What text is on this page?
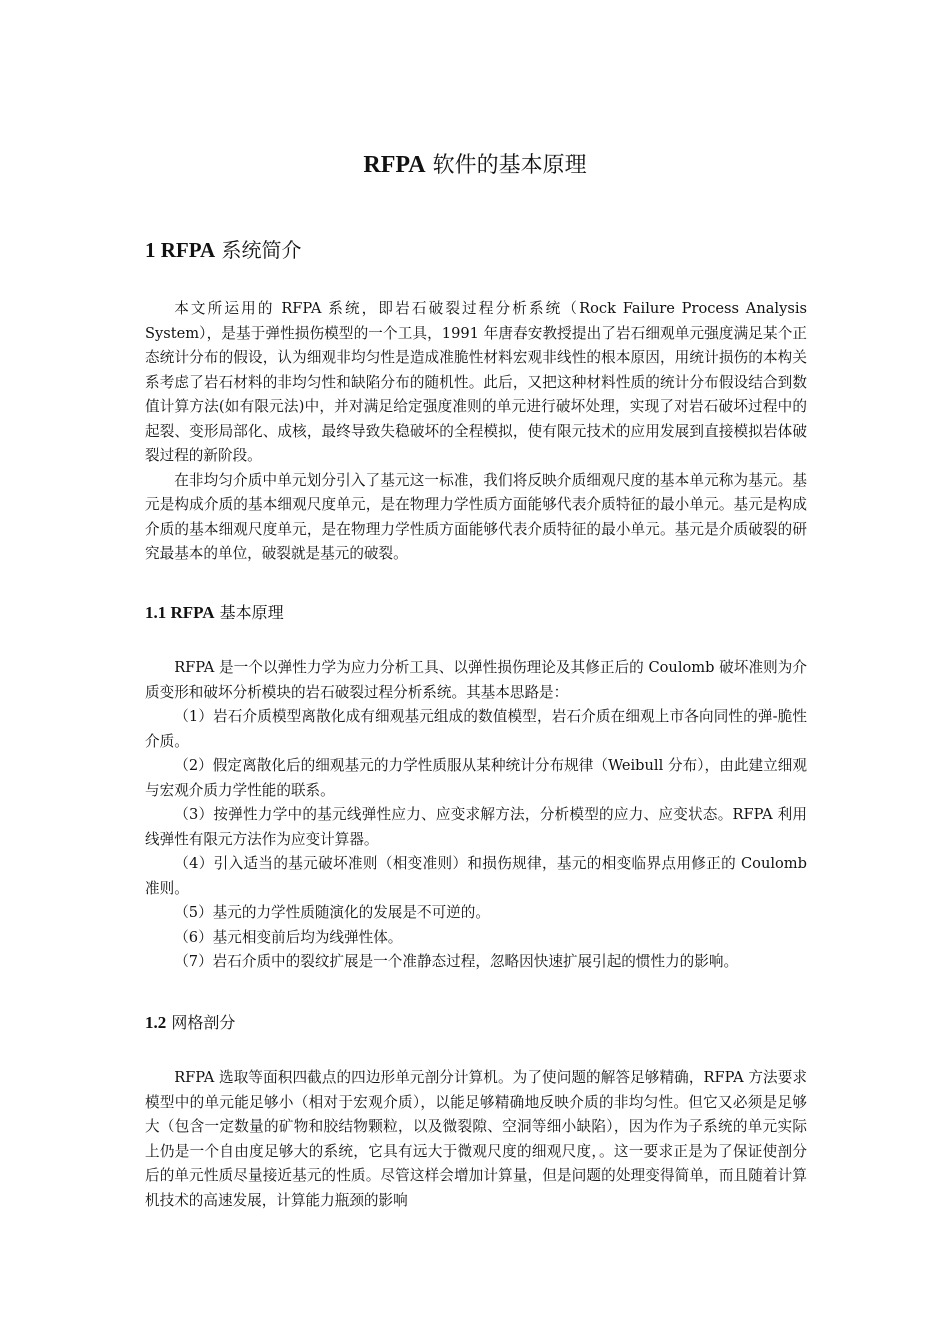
RFPA 软件的基本原理
1 RFPA 系统简介

本文所运用的 RFPA 系统，即岩石破裂过程分析系统（Rock Failure Process Analysis System），是基于弹性损伤模型的一个工具，1991 年唐春安教授提出了岩石细观单元强度满足某个正态统计分布的假设，认为细观非均匀性是造成准脆性材料宏观非线性的根本原因，用统计损伤的本构关系考虑了岩石材料的非均匀性和缺陷分布的随机性。此后，又把这种材料性质的统计分布假设结合到数值计算方法(如有限元法)中，并对满足给定强度准则的单元进行破坏处理，实现了对岩石破坏过程中的起裂、变形局部化、成核，最终导致失稳破坏的全程模拟，使有限元技术的应用发展到直接模拟岩体破裂过程的新阶段。

在非均匀介质中单元划分引入了基元这一标准，我们将反映介质细观尺度的基本单元称为基元。基元是构成介质的基本细观尺度单元，是在物理力学性质方面能够代表介质特征的最小单元。基元是构成介质的基本细观尺度单元，是在物理力学性质方面能够代表介质特征的最小单元。基元是介质破裂的研究最基本的单位，破裂就是基元的破裂。

1.1 RFPA 基本原理

RFPA 是一个以弹性力学为应力分析工具、以弹性损伤理论及其修正后的 Coulomb 破坏准则为介质变形和破坏分析模块的岩石破裂过程分析系统。其基本思路是：

（1）岩石介质模型离散化成有细观基元组成的数值模型，岩石介质在细观上市各向同性的弹-脆性介质。

（2）假定离散化后的细观基元的力学性质服从某种统计分布规律（Weibull 分布），由此建立细观与宏观介质力学性能的联系。

（3）按弹性力学中的基元线弹性应力、应变求解方法，分析模型的应力、应变状态。RFPA 利用线弹性有限元方法作为应变计算器。

（4）引入适当的基元破坏准则（相变准则）和损伤规律，基元的相变临界点用修正的 Coulomb 准则。

（5）基元的力学性质随演化的发展是不可逆的。

（6）基元相变前后均为线弹性体。

（7）岩石介质中的裂纹扩展是一个准静态过程，忽略因快速扩展引起的惯性力的影响。

1.2 网格剖分

RFPA 选取等面积四截点的四边形单元剖分计算机。为了使问题的解答足够精确，RFPA 方法要求模型中的单元能足够小（相对于宏观介质），以能足够精确地反映介质的非均匀性。但它又必须是足够大（包含一定数量的矿物和胶结物颗粒，以及微裂隙、空洞等细小缺陷），因为作为子系统的单元实际上仍是一个自由度足够大的系统，它具有远大于微观尺度的细观尺度，。这一要求正是为了保证使剖分后的单元性质尽量接近基元的性质。尽管这样会增加计算量，但是问题的处理变得简单，而且随着计算机技术的高速发展，计算能力瓶颈的影响
